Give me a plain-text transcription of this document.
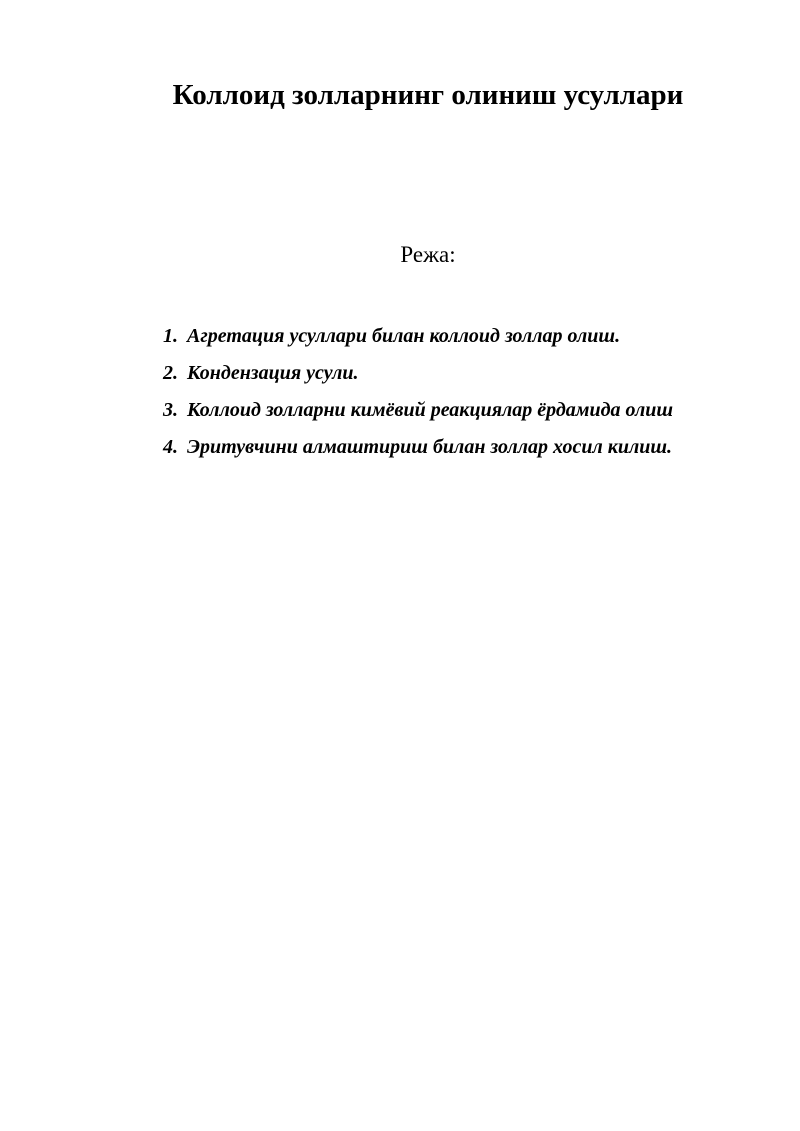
Коллоид золларнинг олиниш усуллари
Режа:
1. Агретация усуллари билан коллоид золлар олиш.
2. Кондензация усули.
3. Коллоид золларни кимёвий реакциялар ёрдамида олиш
4. Эритувчини алмаштириш билан золлар хосил килиш.
